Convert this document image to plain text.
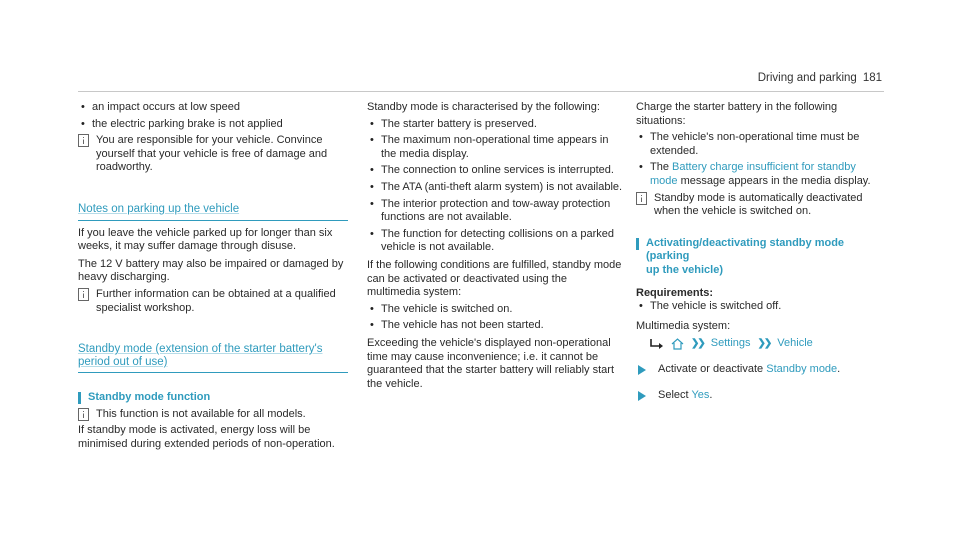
Driving and parking 181
• an impact occurs at low speed
• the electric parking brake is not applied
You are responsible for your vehicle. Convince yourself that your vehicle is free of damage and roadworthy.
Notes on parking up the vehicle

If you leave the vehicle parked up for longer than six weeks, it may suffer damage through disuse.

The 12 V battery may also be impaired or damaged by heavy discharging.

Further information can be obtained at a qualified specialist workshop.
Standby mode (extension of the starter battery's
period out of use)
Standby mode function
This function is not available for all models.

If standby mode is activated, energy loss will be minimised during extended periods of non-operation.

Standby mode is characterised by the following:

• The starter battery is preserved.
• The maximum non-operational time appears in the media display.
• The connection to online services is interrupted.
• The ATA (anti-theft alarm system) is not available.
• The interior protection and tow-away protection functions are not available.
• The function for detecting collisions on a parked vehicle is not available.

If the following conditions are fulfilled, standby mode can be activated or deactivated using the multimedia system:

• The vehicle is switched on.
• The vehicle has not been started.

Exceeding the vehicle's displayed non-operational time may cause inconvenience; i.e. it cannot be guaranteed that the starter battery will reliably start the vehicle.

Charge the starter battery in the following situations:

• The vehicle's non-operational time must be extended.
• The Battery charge insufficient for standby mode message appears in the media display.
Standby mode is automatically deactivated when the vehicle is switched on.
Activating/deactivating standby mode (parking
up the vehicle)

Requirements:

• The vehicle is switched off.

Multimedia system:

❯❯ Settings ❯❯ Vehicle
Activate or deactivate Standby mode.
Select Yes.
